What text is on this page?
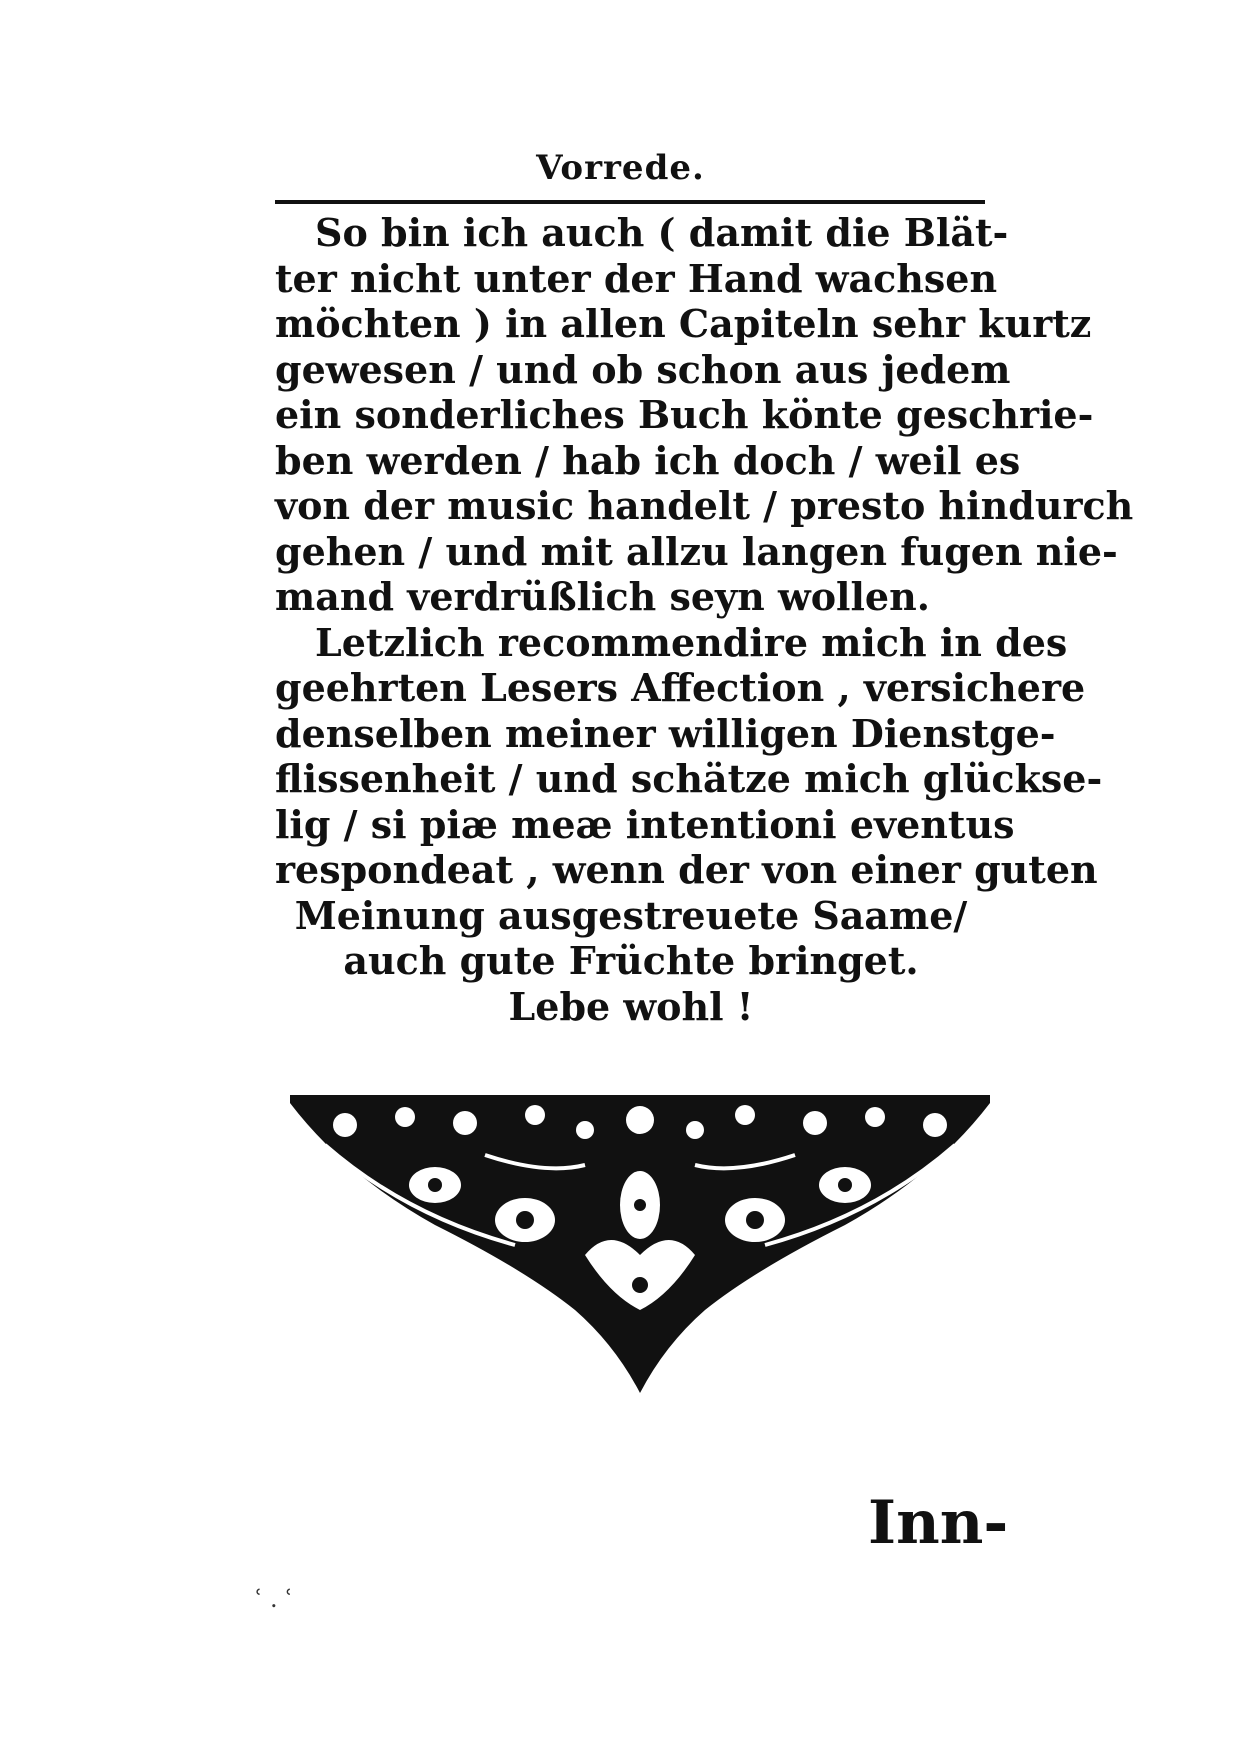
Vorrede.
So bin ich auch ( damit die Blät-
ter nicht unter der Hand wachsen
möchten ) in allen Capiteln sehr kurtz
gewesen / und ob schon aus jedem
ein sonderliches Buch könte geschrie-
ben werden / hab ich doch / weil es
von der music handelt / presto hindurch
gehen / und mit allzu langen fugen nie-
mand verdrüßlich seyn wollen.
Letzlich recommendire mich in des
geehrten Lesers Affection , versichere
denselben meiner willigen Dienstge-
flissenheit / und schätze mich glückse-
lig / si piæ meæ intentioni eventus
respondeat , wenn der von einer guten
Meinung ausgestreuete Saame/
auch gute Früchte bringet.
Lebe wohl !
Inn-
ʿ . ʿ
